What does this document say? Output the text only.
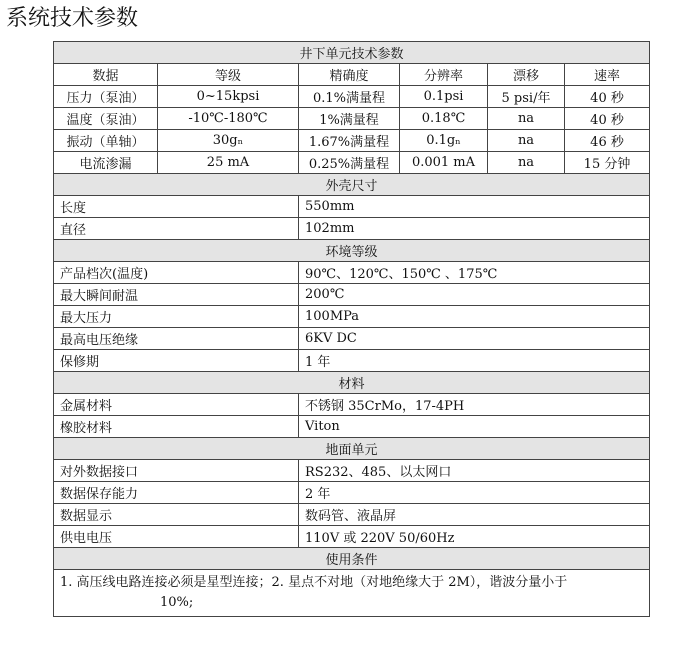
系统技术参数
井下单元技术参数					
数据	等级	精确度	分辨率	漂移	速率
压力（泵油）	0~15kpsi	0.1%满量程	0.1psi	5 psi/年	40 秒
温度（泵油）	-10℃-180℃	1%满量程	0.18℃	na	40 秒
振动（单轴）	30gₙ	1.67%满量程	0.1gₙ	na	46 秒
电流渗漏	25 mA	0.25%满量程	0.001 mA	na	15 分钟
外壳尺寸					
长度		550mm			
直径		102mm			
环境等级					
产品档次(温度)		90℃、120℃、150℃ 、175℃			
最大瞬间耐温		200℃			
最大压力		100MPa			
最高电压绝缘		6KV DC			
保修期		1 年			
材料					
金属材料		不锈钢 35CrMo，17-4PH			
橡胶材料		Viton			
地面单元					
对外数据接口		RS232、485、以太网口			
数据保存能力		2 年			
数据显示		数码管、液晶屏			
供电电压		110V 或 220V 50/60Hz			
使用条件					
1. 高压线电路连接必须是星型连接；2. 星点不对地（对地绝缘大于 2M），谐波分量小于
10%;					
